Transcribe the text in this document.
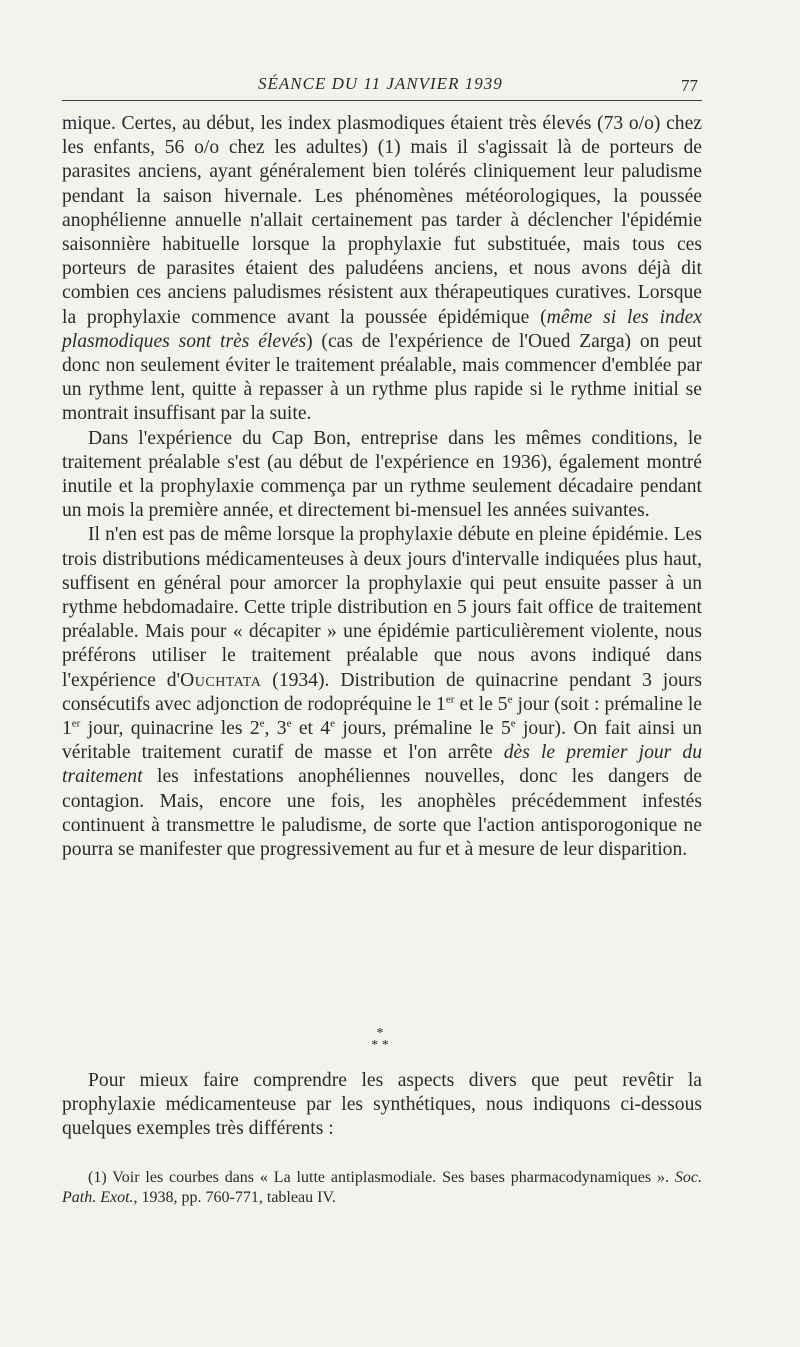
SÉANCE DU 11 JANVIER 1939	77

mique. Certes, au début, les index plasmodiques étaient très élevés (73 o/o) chez les enfants, 56 o/o chez les adultes) (1) mais il s'agissait là de porteurs de parasites anciens, ayant généralement bien tolérés cliniquement leur paludisme pendant la saison hivernale. Les phénomènes météorologiques, la poussée anophélienne annuelle n'allait certainement pas tarder à déclencher l'épidémie saisonnière habituelle lorsque la prophylaxie fut substituée, mais tous ces porteurs de parasites étaient des paludéens anciens, et nous avons déjà dit combien ces anciens paludismes résistent aux thérapeutiques curatives. Lorsque la prophylaxie commence avant la poussée épidémique (même si les index plasmodiques sont très élevés) (cas de l'expérience de l'Oued Zarga) on peut donc non seulement éviter le traitement préalable, mais commencer d'emblée par un rythme lent, quitte à repasser à un rythme plus rapide si le rythme initial se montrait insuffisant par la suite.

Dans l'expérience du Cap Bon, entreprise dans les mêmes conditions, le traitement préalable s'est (au début de l'expérience en 1936), également montré inutile et la prophylaxie commença par un rythme seulement décadaire pendant un mois la première année, et directement bi-mensuel les années suivantes.

Il n'en est pas de même lorsque la prophylaxie débute en pleine épidémie. Les trois distributions médicamenteuses à deux jours d'intervalle indiquées plus haut, suffisent en général pour amorcer la prophylaxie qui peut ensuite passer à un rythme hebdomadaire. Cette triple distribution en 5 jours fait office de traitement préalable. Mais pour « décapiter » une épidémie particulièrement violente, nous préférons utiliser le traitement préalable que nous avons indiqué dans l'expérience d'Ouchtata (1934). Distribution de quinacrine pendant 3 jours consécutifs avec adjonction de rodopréquine le 1er et le 5e jour (soit : prémaline le 1er jour, quinacrine les 2e, 3e et 4e jours, prémaline le 5e jour). On fait ainsi un véritable traitement curatif de masse et l'on arrête dès le premier jour du traitement les infestations anophéliennes nouvelles, donc les dangers de contagion. Mais, encore une fois, les anophèles précédemment infestés continuent à transmettre le paludisme, de sorte que l'action antisporogonique ne pourra se manifester que progressivement au fur et à mesure de leur disparition.

*
* *

Pour mieux faire comprendre les aspects divers que peut revêtir la prophylaxie médicamenteuse par les synthétiques, nous indiquons ci-dessous quelques exemples très différents :

(1) Voir les courbes dans « La lutte antiplasmodiale. Ses bases pharmacodynamiques ». Soc. Path. Exot., 1938, pp. 760-771, tableau IV.
